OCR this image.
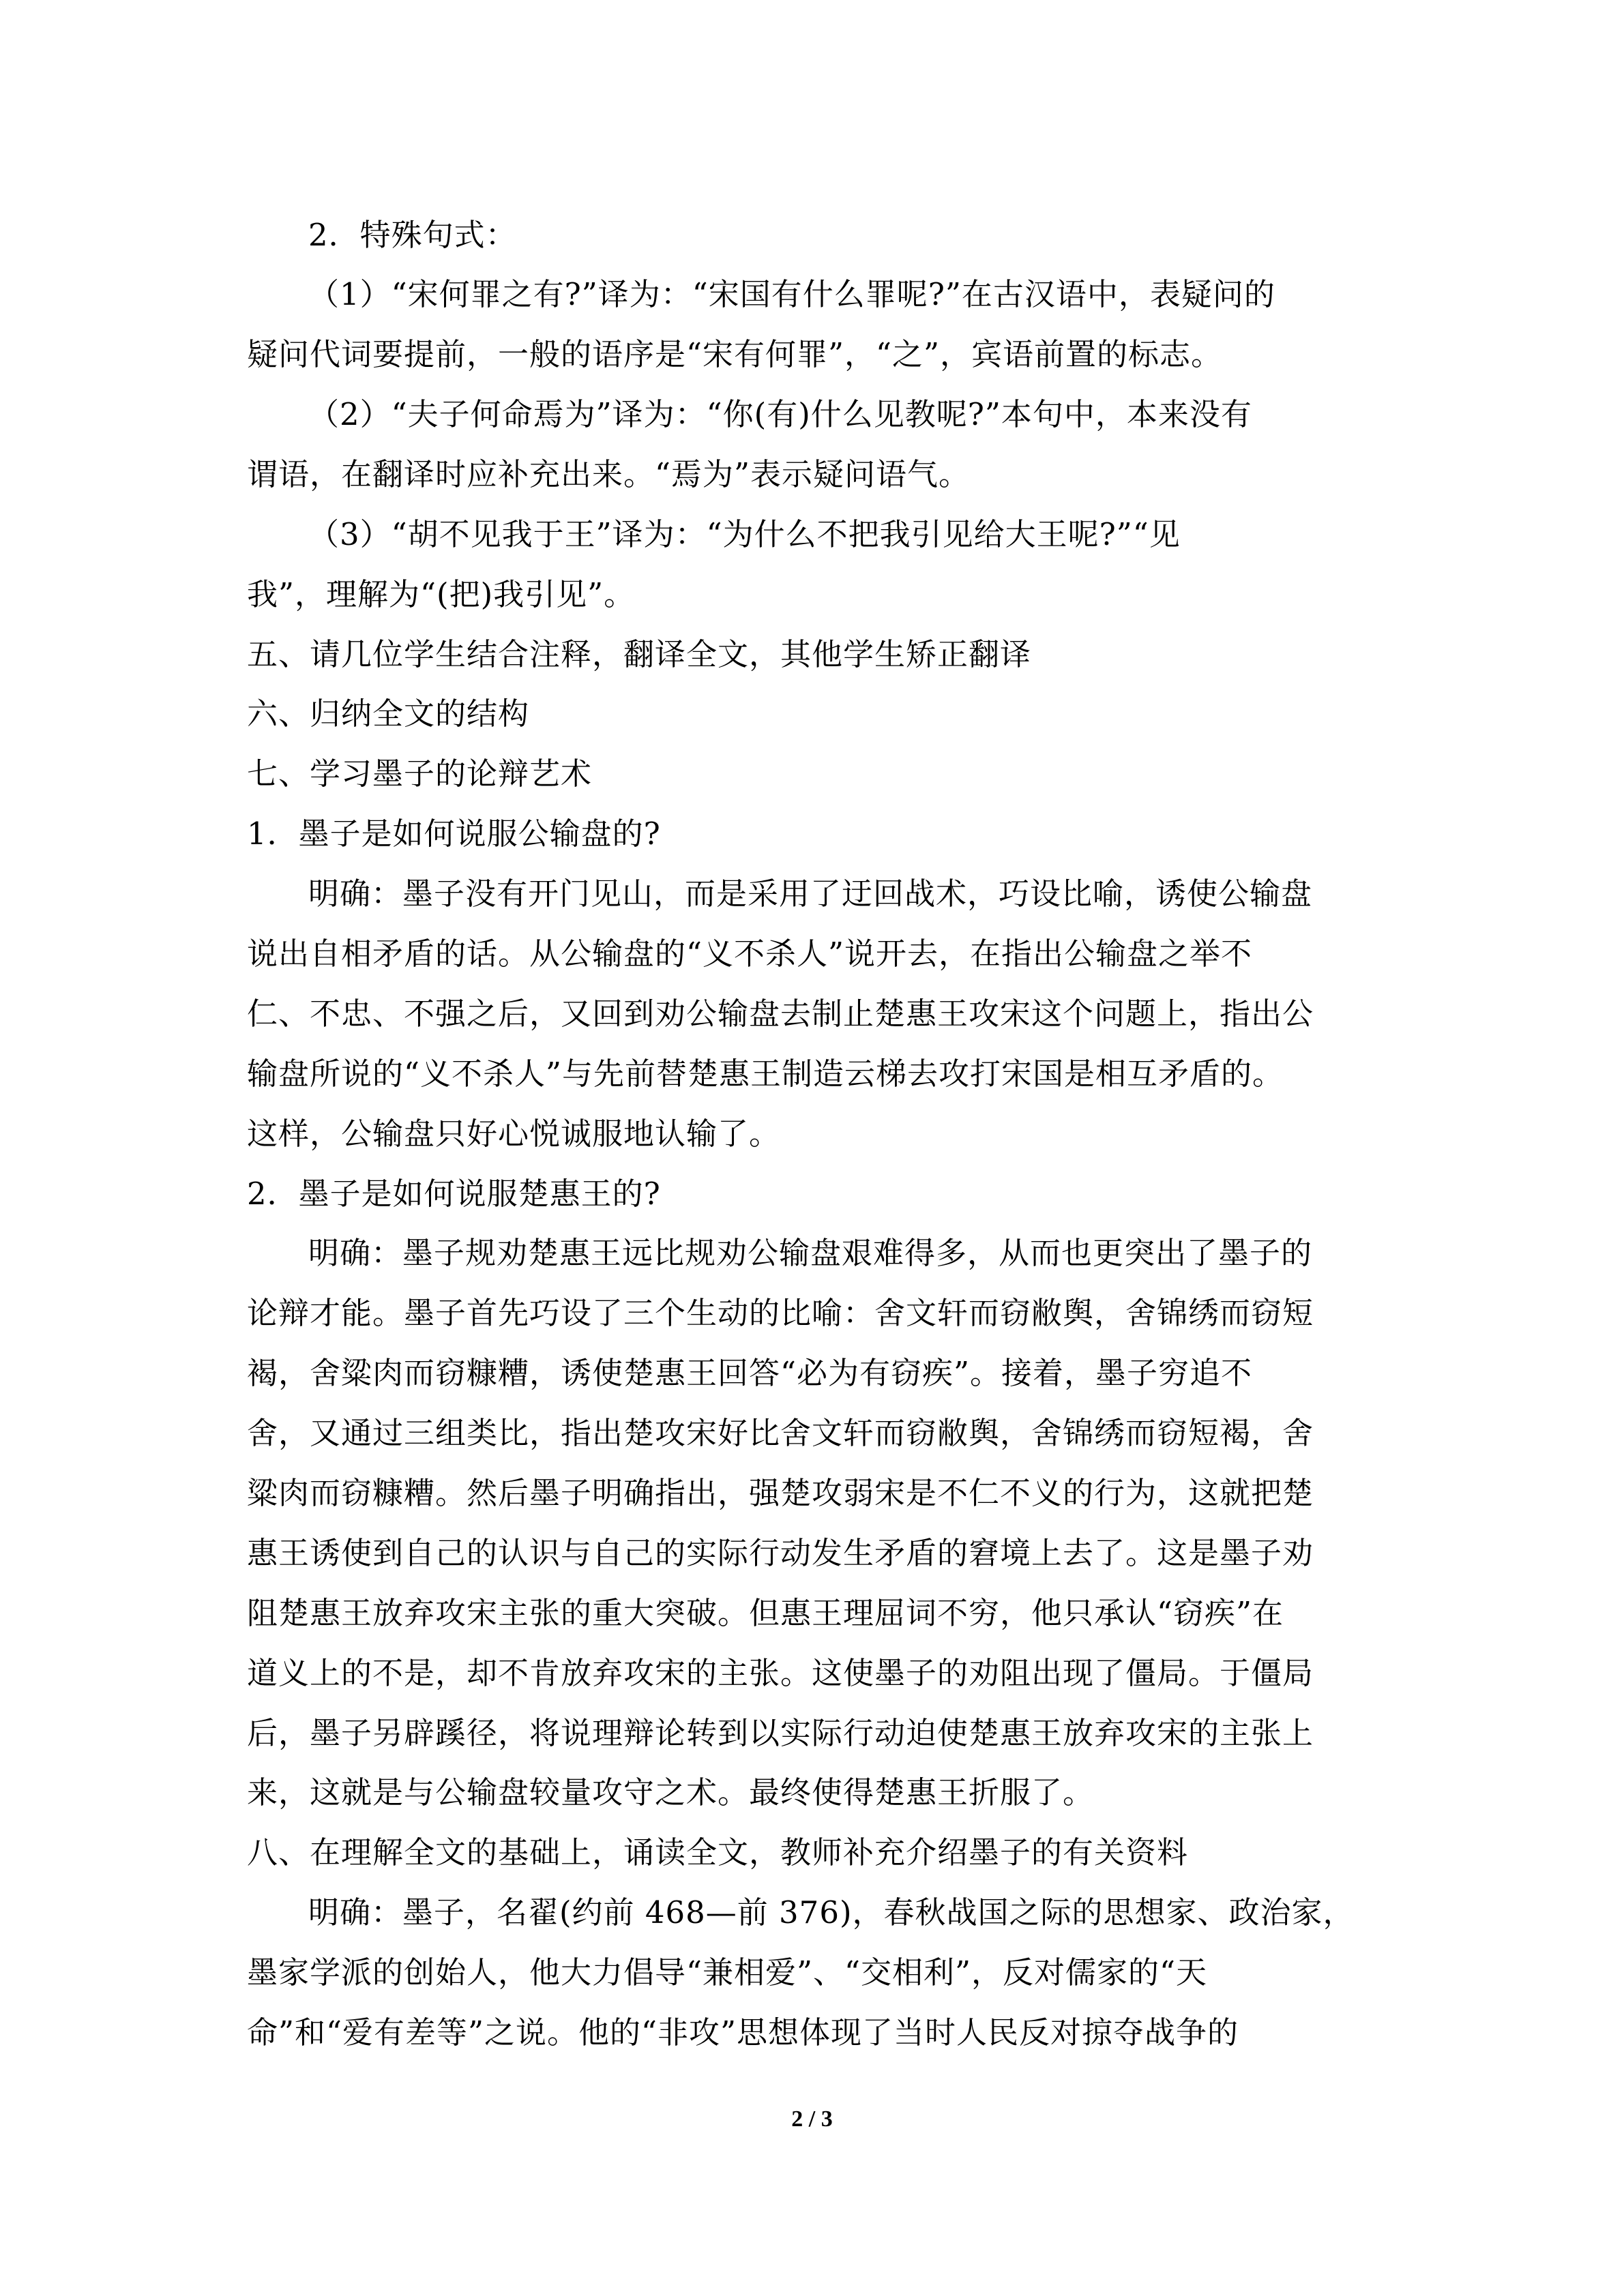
2．特殊句式：
（1）“宋何罪之有?”译为：“宋国有什么罪呢?”在古汉语中，表疑问的
疑问代词要提前，一般的语序是“宋有何罪”，“之”，宾语前置的标志。
（2）“夫子何命焉为”译为：“你(有)什么见教呢?”本句中，本来没有
谓语，在翻译时应补充出来。“焉为”表示疑问语气。
（3）“胡不见我于王”译为：“为什么不把我引见给大王呢?”“见
我”，理解为“(把)我引见”。
五、请几位学生结合注释，翻译全文，其他学生矫正翻译
六、归纳全文的结构
七、学习墨子的论辩艺术
1．墨子是如何说服公输盘的?
明确：墨子没有开门见山，而是采用了迂回战术，巧设比喻，诱使公输盘
说出自相矛盾的话。从公输盘的“义不杀人”说开去，在指出公输盘之举不
仁、不忠、不强之后，又回到劝公输盘去制止楚惠王攻宋这个问题上，指出公
输盘所说的“义不杀人”与先前替楚惠王制造云梯去攻打宋国是相互矛盾的。
这样，公输盘只好心悦诚服地认输了。
2．墨子是如何说服楚惠王的?
明确：墨子规劝楚惠王远比规劝公输盘艰难得多，从而也更突出了墨子的
论辩才能。墨子首先巧设了三个生动的比喻：舍文轩而窃敝舆，舍锦绣而窃短
褐，舍粱肉而窃糠糟，诱使楚惠王回答“必为有窃疾”。接着，墨子穷追不
舍，又通过三组类比，指出楚攻宋好比舍文轩而窃敝舆，舍锦绣而窃短褐，舍
粱肉而窃糠糟。然后墨子明确指出，强楚攻弱宋是不仁不义的行为，这就把楚
惠王诱使到自己的认识与自己的实际行动发生矛盾的窘境上去了。这是墨子劝
阻楚惠王放弃攻宋主张的重大突破。但惠王理屈词不穷，他只承认“窃疾”在
道义上的不是，却不肯放弃攻宋的主张。这使墨子的劝阻出现了僵局。于僵局
后，墨子另辟蹊径，将说理辩论转到以实际行动迫使楚惠王放弃攻宋的主张上
来，这就是与公输盘较量攻守之术。最终使得楚惠王折服了。
八、在理解全文的基础上，诵读全文，教师补充介绍墨子的有关资料
明确：墨子，名翟(约前 468—前 376)，春秋战国之际的思想家、政治家，
墨家学派的创始人，他大力倡导“兼相爱”、“交相利”，反对儒家的“天
命”和“爱有差等”之说。他的“非攻”思想体现了当时人民反对掠夺战争的
2 / 3
